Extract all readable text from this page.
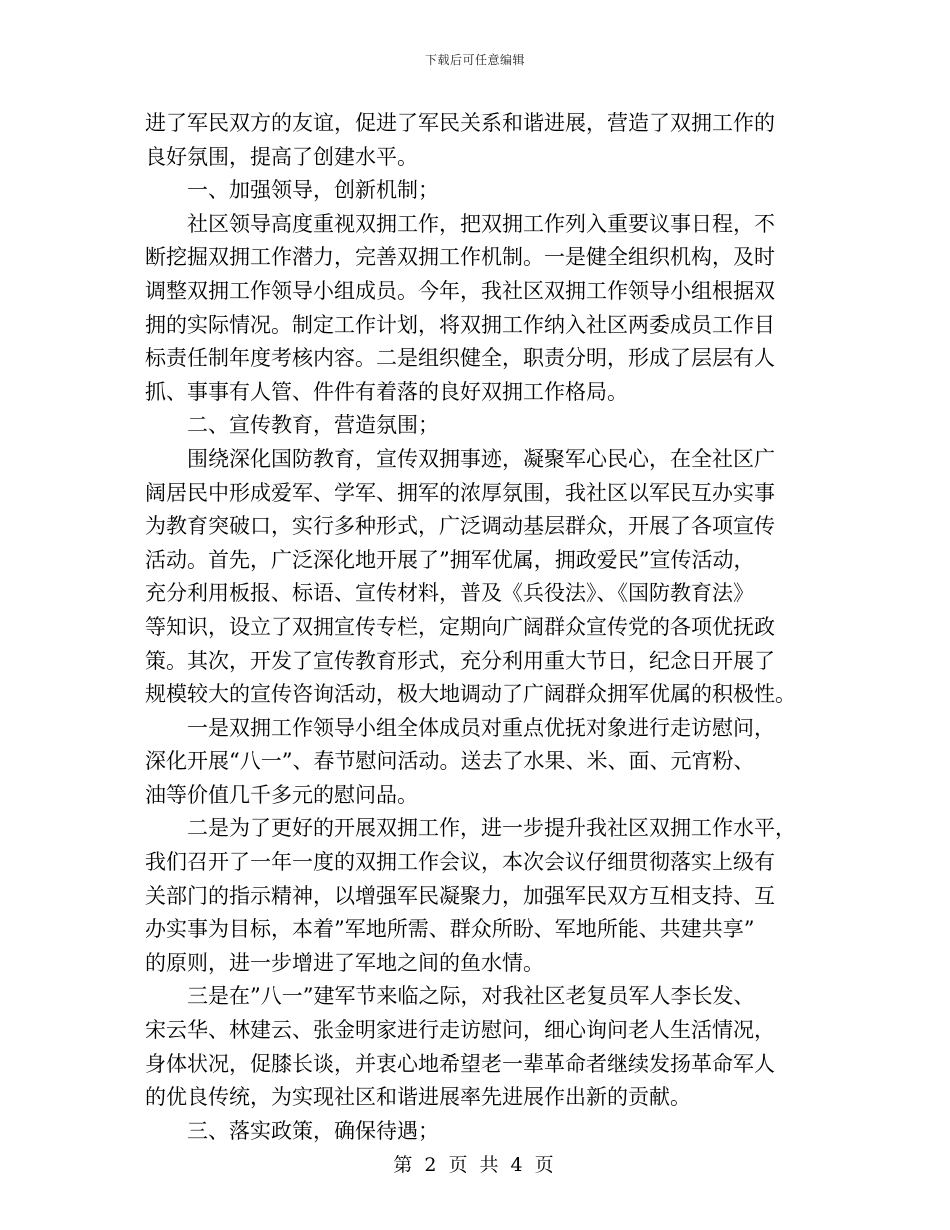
下载后可任意编辑
进了军民双方的友谊，促进了军民关系和谐进展，营造了双拥工作的
良好氛围，提高了创建水平。
一、加强领导，创新机制；
社区领导高度重视双拥工作，把双拥工作列入重要议事日程，不
断挖掘双拥工作潜力，完善双拥工作机制。一是健全组织机构，及时
调整双拥工作领导小组成员。今年，我社区双拥工作领导小组根据双
拥的实际情况。制定工作计划，将双拥工作纳入社区两委成员工作目
标责任制年度考核内容。二是组织健全，职责分明，形成了层层有人
抓、事事有人管、件件有着落的良好双拥工作格局。
二、宣传教育，营造氛围；
围绕深化国防教育，宣传双拥事迹，凝聚军心民心，在全社区广
阔居民中形成爱军、学军、拥军的浓厚氛围，我社区以军民互办实事
为教育突破口，实行多种形式，广泛调动基层群众，开展了各项宣传
活动。首先，广泛深化地开展了”拥军优属，拥政爱民”宣传活动，
充分利用板报、标语、宣传材料，普及《兵役法》、《国防教育法》
等知识，设立了双拥宣传专栏，定期向广阔群众宣传党的各项优抚政
策。其次，开发了宣传教育形式，充分利用重大节日，纪念日开展了
规模较大的宣传咨询活动，极大地调动了广阔群众拥军优属的积极性。
一是双拥工作领导小组全体成员对重点优抚对象进行走访慰问，
深化开展“八一”、春节慰问活动。送去了水果、米、面、元宵粉、
油等价值几千多元的慰问品。
二是为了更好的开展双拥工作，进一步提升我社区双拥工作水平，
我们召开了一年一度的双拥工作会议，本次会议仔细贯彻落实上级有
关部门的指示精神，以增强军民凝聚力，加强军民双方互相支持、互
办实事为目标，本着”军地所需、群众所盼、军地所能、共建共享”
的原则，进一步增进了军地之间的鱼水情。
三是在”八一”建军节来临之际，对我社区老复员军人李长发、
宋云华、林建云、张金明家进行走访慰问，细心询问老人生活情况，
身体状况，促膝长谈，并衷心地希望老一辈革命者继续发扬革命军人
的优良传统，为实现社区和谐进展率先进展作出新的贡献。
三、落实政策，确保待遇；
第 2 页 共 4 页
